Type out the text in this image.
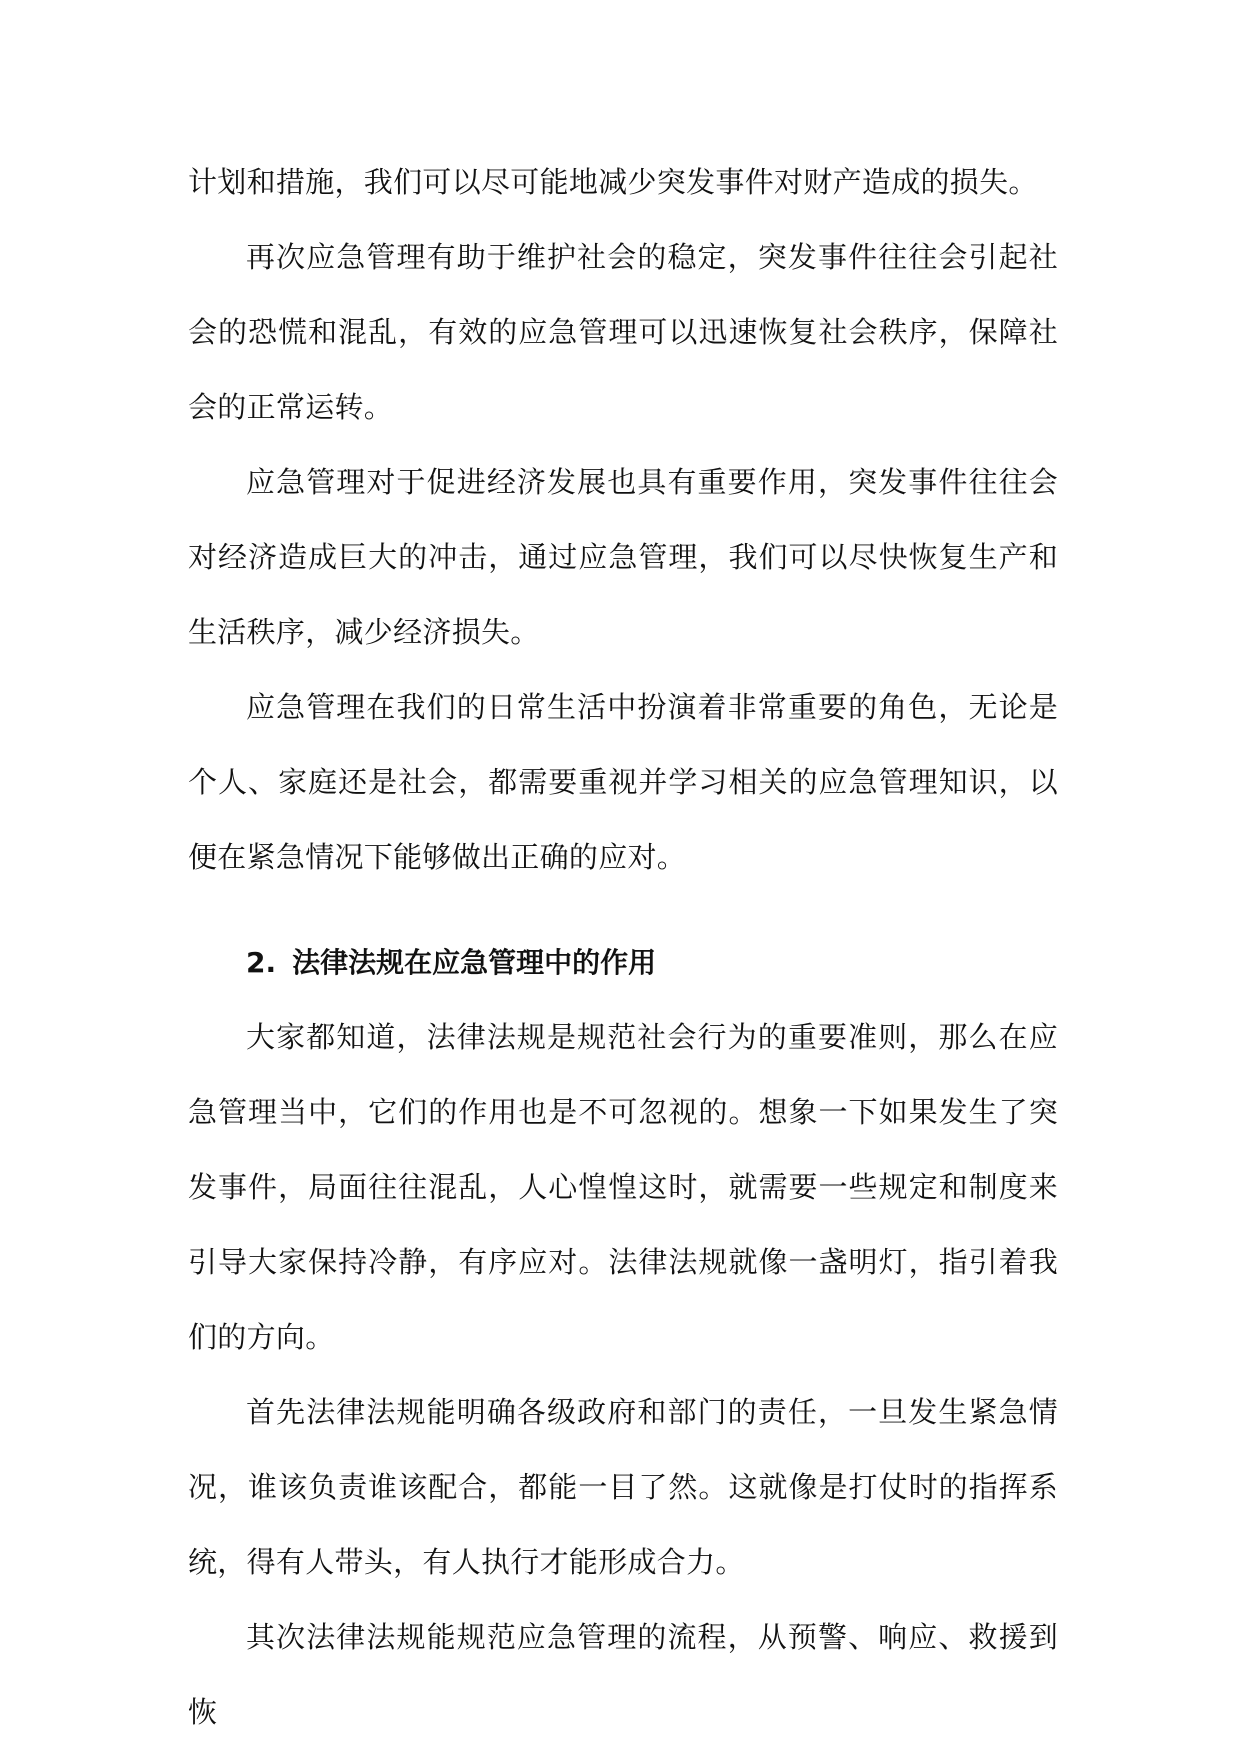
计划和措施，我们可以尽可能地减少突发事件对财产造成的损失。

再次应急管理有助于维护社会的稳定，突发事件往往会引起社会的恐慌和混乱，有效的应急管理可以迅速恢复社会秩序，保障社会的正常运转。

应急管理对于促进经济发展也具有重要作用，突发事件往往会对经济造成巨大的冲击，通过应急管理，我们可以尽快恢复生产和生活秩序，减少经济损失。

应急管理在我们的日常生活中扮演着非常重要的角色，无论是个人、家庭还是社会，都需要重视并学习相关的应急管理知识，以便在紧急情况下能够做出正确的应对。

2. 法律法规在应急管理中的作用

大家都知道，法律法规是规范社会行为的重要准则，那么在应急管理当中，它们的作用也是不可忽视的。想象一下如果发生了突发事件，局面往往混乱，人心惶惶这时，就需要一些规定和制度来引导大家保持冷静，有序应对。法律法规就像一盏明灯，指引着我们的方向。

首先法律法规能明确各级政府和部门的责任，一旦发生紧急情况，谁该负责谁该配合，都能一目了然。这就像是打仗时的指挥系统，得有人带头，有人执行才能形成合力。

其次法律法规能规范应急管理的流程，从预警、响应、救援到恢
